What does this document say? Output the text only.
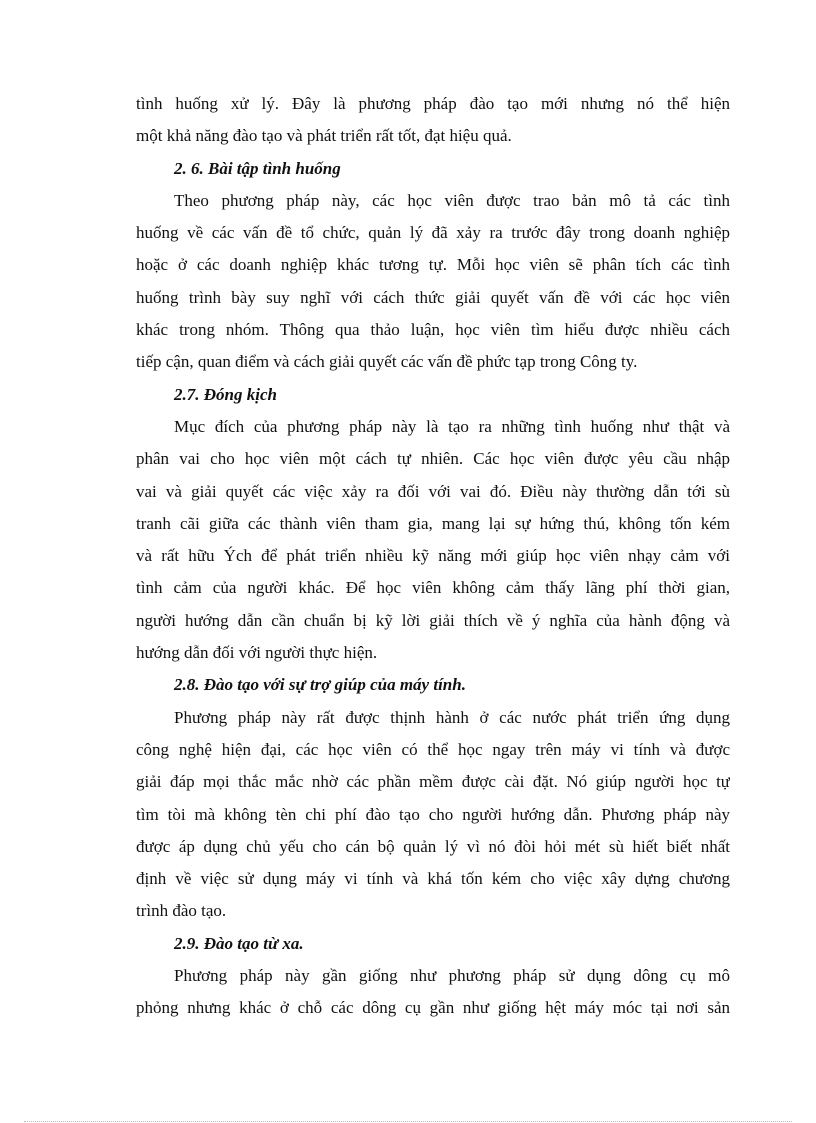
tình huống xử lý. Đây là phương pháp đào tạo mới nhưng nó thể hiện
một khả năng đào tạo và phát triển rất tốt, đạt hiệu quả.
2. 6. Bài tập tình huống
Theo phương pháp này, các học viên được trao bản mô tả các tình
huống về các vấn đề tổ chức, quản lý đã xảy ra trước đây trong doanh nghiệp
hoặc ở các doanh nghiệp khác tương tự. Mỗi học viên sẽ phân tích các tình
huống trình bày suy nghĩ với cách thức giải quyết vấn đề với các học viên
khác trong nhóm. Thông qua thảo luận, học viên tìm hiểu được nhiều cách
tiếp cận, quan điểm và cách giải quyết các vấn đề phức tạp trong Công ty.
2.7. Đóng kịch
Mục đích của phương pháp này là tạo ra những tình huống như thật và
phân vai cho học viên một cách tự nhiên. Các học viên được yêu cầu nhập
vai và giải quyết các việc xảy ra đối với vai đó. Điều này thường dẫn tới sù
tranh cãi giữa các thành viên tham gia, mang lại sự hứng thú, không tốn kém
và rất hữu Ých để phát triển nhiều kỹ năng mới giúp học viên nhạy cảm với
tình cảm của người khác. Để học viên không cảm thấy lãng phí thời gian,
người hướng dẫn cần chuẩn bị kỹ lời giải thích về ý nghĩa của hành động và
hướng dẫn đối với người thực hiện.
2.8. Đào tạo với sự trợ giúp của máy tính.
Phương pháp này rất được thịnh hành ở các nước phát triển ứng dụng
công nghệ hiện đại, các học viên có thể học ngay trên máy vi tính và được
giải đáp mọi thắc mắc nhờ các phần mềm được cài đặt. Nó giúp người học tự
tìm tòi mà không tèn chi phí đào tạo cho người hướng dẫn. Phương pháp này
được áp dụng chủ yếu cho cán bộ quản lý vì nó đòi hỏi mét sù hiết biết nhất
định về việc sử dụng máy vi tính và khá tốn kém cho việc xây dựng chương
trình đào tạo.
2.9. Đào tạo từ xa.
Phương pháp này gần giống như phương pháp sử dụng dông cụ mô
phỏng nhưng khác ở chỗ các dông cụ gần như giống hệt máy móc tại nơi sản
